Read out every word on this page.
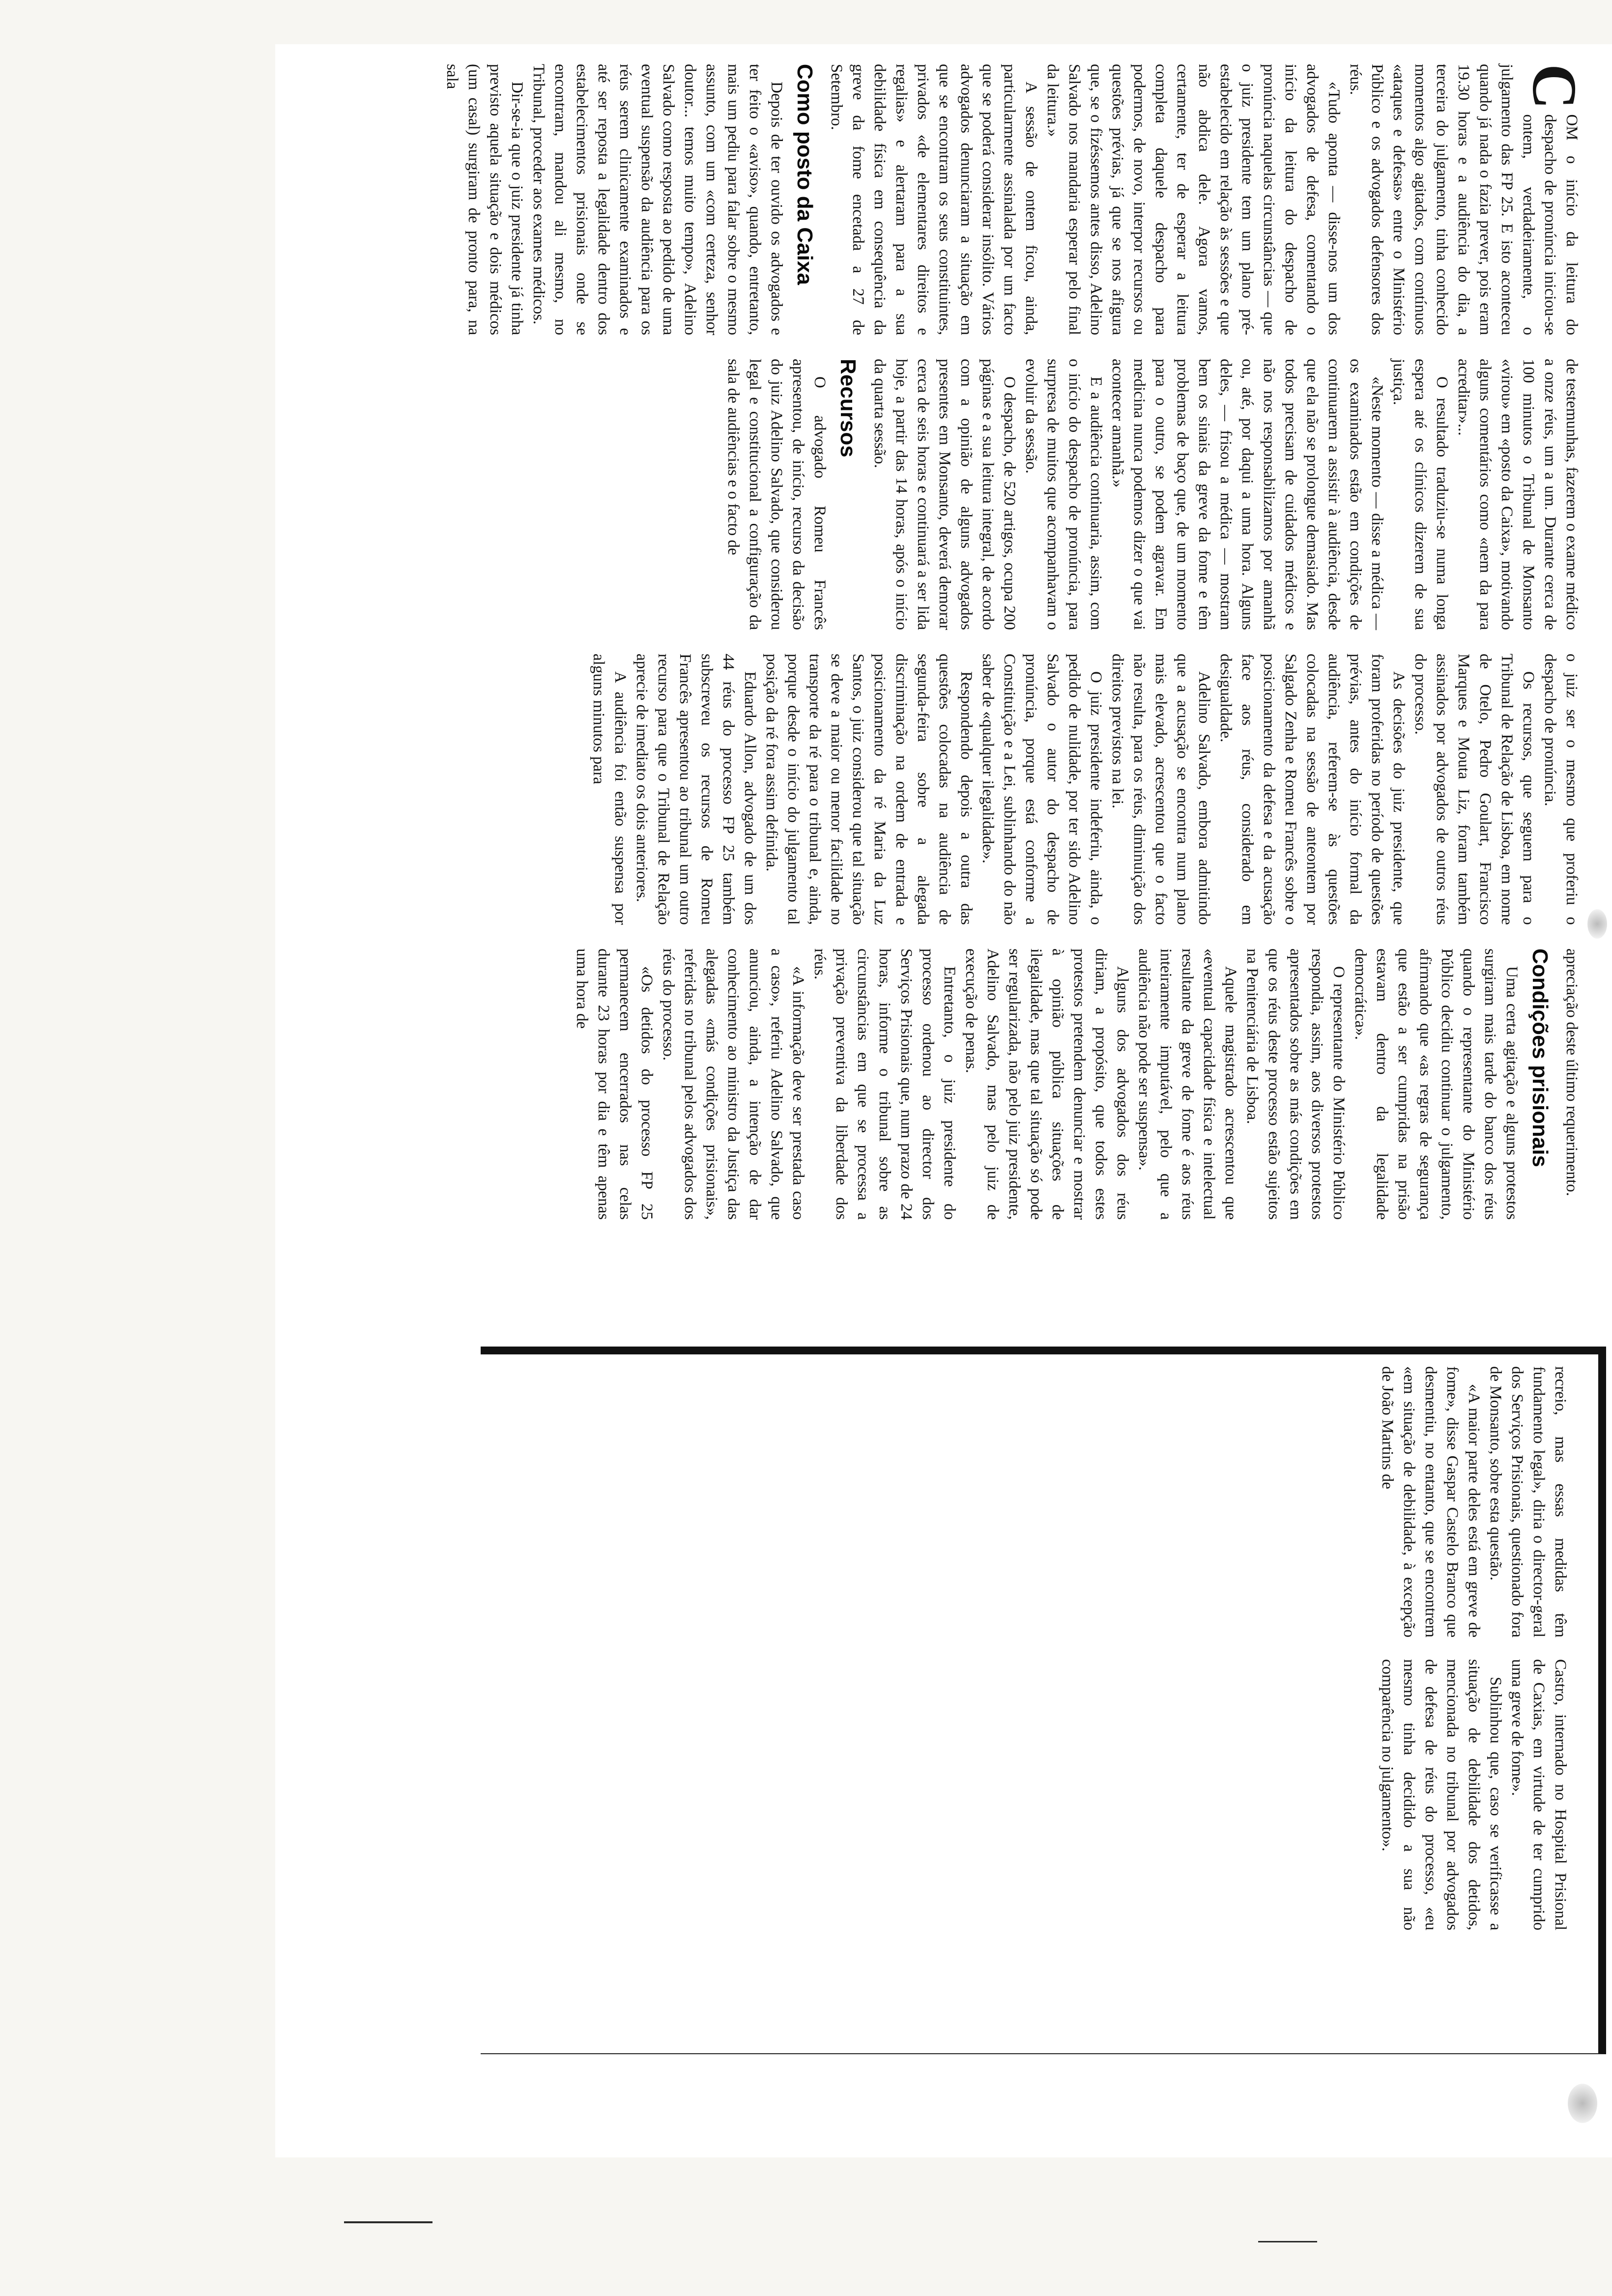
C
OM o início da leitura do despacho de pronúncia iniciou-se ontem, verdadeiramente, o julgamento das FP 25. E isto aconteceu quando já nada o fazia prever, pois eram 19.30 horas e a audiência do dia, a terceira do julgamento, tinha conhecido momentos algo agitados, com contínuos «ataques e defesas» entre o Ministério Público e os advogados defensores dos réus.

«Tudo aponta — disse-nos um dos advogados de defesa, comentando o início da leitura do despacho de pronúncia naquelas circunstâncias — que o juiz presidente tem um plano pré-estabelecido em relação às sessões e que não abdica dele. Agora vamos, certamente, ter de esperar a leitura completa daquele despacho para podermos, de novo, interpor recursos ou questões prévias, já que se nos afigura que, se o fizéssemos antes disso, Adelino Salvado nos mandaria esperar pelo final da leitura.»

A sessão de ontem ficou, ainda, particularmente assinalada por um facto que se poderá considerar insólito. Vários advogados denunciaram a situação em que se encontram os seus constituintes, privados «de elementares direitos e regalias» e alertaram para a sua debilidade física em consequência da greve da fome encetada a 27 de Setembro.

Como posto da Caixa

Depois de ter ouvido os advogados e ter feito o «aviso», quando, entretanto, mais um pediu para falar sobre o mesmo assunto, com um «com certeza, senhor doutor... temos muito tempo», Adelino Salvado como resposta ao pedido de uma eventual suspensão da audiência para os réus serem clinicamente examinados e até ser reposta a legalidade dentro dos estabelecimentos prisionais onde se encontram, mandou ali mesmo, no Tribunal, proceder aos exames médicos.

Dir-se-ia que o juiz presidente já tinha previsto aquela situação e dois médicos (um casal) surgiram de pronto para, na sala

de testemunhas, fazerem o exame médico a onze réus, um a um. Durante cerca de 100 minutos o Tribunal de Monsanto «virou» em «posto da Caixa», motivando alguns comentários como «nem da para acreditar»...

O resultado traduziu-se numa longa espera até os clínicos dizerem de sua justiça.

«Neste momento — disse a médica — os examinados estão em condições de continuarem a assistir à audiência, desde que ela não se prolongue demasiado. Mas todos precisam de cuidados médicos e não nos responsabilizamos por amanhã ou, até, por daqui a uma hora. Alguns deles, — frisou a médica — mostram bem os sinais da greve da fome e têm problemas de baço que, de um momento para o outro, se podem agravar. Em medicina nunca podemos dizer o que vai acontecer amanhã.»

E a audiência continuaria, assim, com o início do despacho de pronúncia, para surpresa de muitos que acompanhavam o evoluir da sessão.

O despacho, de 520 artigos, ocupa 200 páginas e a sua leitura integral, de acordo com a opinião de alguns advogados presentes em Monsanto, deverá demorar cerca de seis horas e continuará a ser lida hoje, a partir das 14 horas, após o início da quarta sessão.

Recursos

O advogado Romeu Francês apresentou, de início, recurso da decisão do juiz Adelino Salvado, que considerou legal e constitucional a configuração da sala de audiências e o facto de

o juiz ser o mesmo que proferiu o despacho de pronúncia.

Os recursos, que seguem para o Tribunal de Relação de Lisboa, em nome de Otelo, Pedro Goulart, Francisco Marques e Mouta Liz, foram também assinados por advogados de outros réus do processo.

As decisões do juiz presidente, que foram proferidas no período de questões prévias, antes do início formal da audiência, referem-se às questões colocadas na sessão de anteontem por Salgado Zenha e Romeu Francês sobre o posicionamento da defesa e da acusação face aos réus, considerado em desigualdade.

Adelino Salvado, embora admitindo que a acusação se encontra num plano mais elevado, acrescentou que o facto não resulta, para os réus, diminuição dos direitos previstos na lei.

O juiz presidente indeferiu, ainda, o pedido de nulidade, por ter sido Adelino Salvado o autor do despacho de pronúncia, porque está conforme a Constituição e a Lei, sublinhando do não saber de «qualquer ilegalidade».

Respondendo depois a outra das questões colocadas na audiência de segunda-feira sobre a alegada discriminação na ordem de entrada e posicionamento da ré Maria da Luz Santos, o juiz considerou que tal situação se deve a maior ou menor facilidade no transporte da ré para o tribunal e, ainda, porque desde o início do julgamento tal posição da ré fora assim definida.

Eduardo Allon, advogado de um dos 44 réus do processo FP 25 também subscreveu os recursos de Romeu Francês apresentou ao tribunal um outro recurso para que o Tribunal de Relação aprecie de imediato os dois anteriores.

A audiência foi então suspensa por alguns minutos para

apreciação deste último requerimento.

Condições prisionais

Uma certa agitação e alguns protestos surgiram mais tarde do banco dos réus quando o representante do Ministério Público decidiu continuar o julgamento, afirmando que «as regras de segurança que estão a ser cumpridas na prisão estavam dentro da legalidade democrática».

O representante do Ministério Público respondia, assim, aos diversos protestos apresentados sobre as más condições em que os réus deste processo estão sujeitos na Penitenciária de Lisboa.

Aquele magistrado acrescentou que «eventual capacidade física e intelectual resultante da greve de fome é aos réus inteiramente imputável, pelo que a audiência não pode ser suspensa».

Alguns dos advogados dos réus diriam, a propósito, que todos estes protestos pretendem denunciar e mostrar à opinião pública situações de ilegalidade, mas que tal situação só pode ser regularizada, não pelo juiz presidente, Adelino Salvado, mas pelo juiz de execução de penas.

Entretanto, o juiz presidente do processo ordenou ao director dos Serviços Prisionais que, num prazo de 24 horas, informe o tribunal sobre as circunstâncias em que se processa a privação preventiva da liberdade dos réus.

«A informação deve ser prestada caso a caso», referiu Adelino Salvado, que anunciou, ainda, a intenção de dar conhecimento ao ministro da Justiça das alegadas «más condições prisionais», referidas no tribunal pelos advogados dos réus do processo.

«Os detidos do processo FP 25 permanecem encerrados nas celas durante 23 horas por dia e têm apenas uma hora de

recreio, mas essas medidas têm fundamento legal», diria o director-geral dos Serviços Prisionais, questionado fora de Monsanto, sobre esta questão.

«A maior parte deles está em greve de fome», disse Gaspar Castelo Branco que desmentiu, no entanto, que se encontrem «em situação de debilidade, à excepção de João Martins de

Castro, internado no Hospital Prisional de Caxias, em virtude de ter cumprido uma greve de fome».

Sublinhou que, caso se verificasse a situação de debilidade dos detidos, mencionada no tribunal por advogados de defesa de réus do processo, «eu mesmo tinha decidido a sua não comparência no julgamento».
